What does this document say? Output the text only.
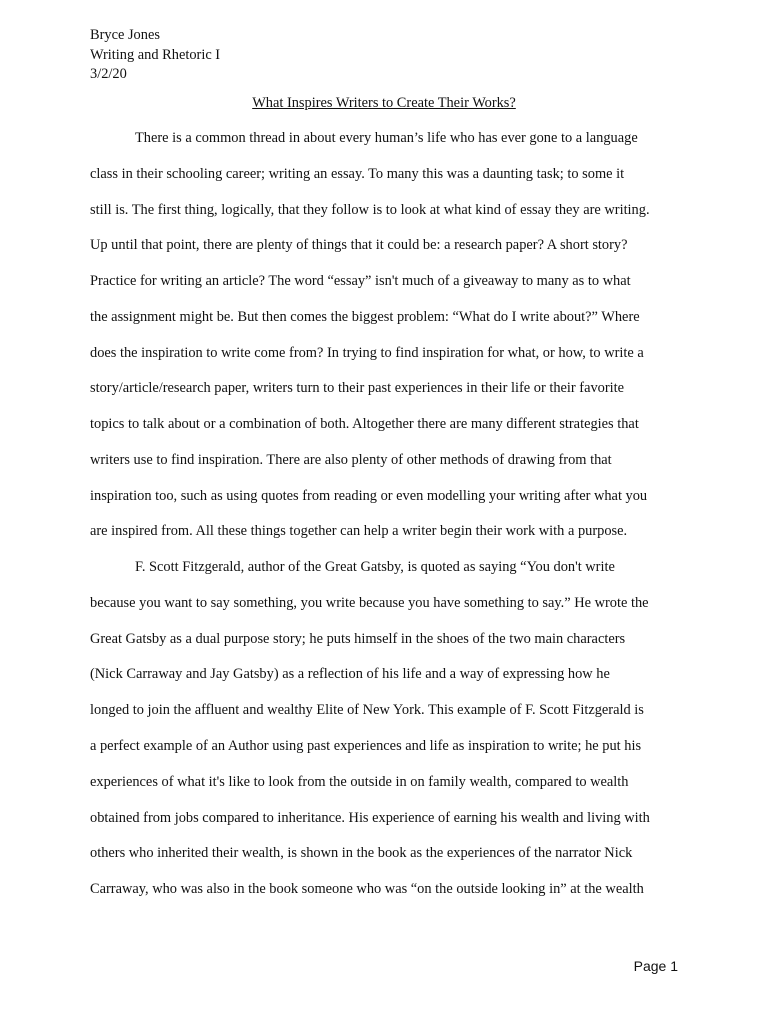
Bryce Jones
Writing and Rhetoric I
3/2/20
What Inspires Writers to Create Their Works?
There is a common thread in about every human’s life who has ever gone to a language
class in their schooling career; writing an essay. To many this was a daunting task; to some it
still is. The first thing, logically, that they follow is to look at what kind of essay they are writing.
Up until that point, there are plenty of things that it could be: a research paper? A short story?
Practice for writing an article? The word “essay” isn't much of a giveaway to many as to what
the assignment might be. But then comes the biggest problem: “What do I write about?” Where
does the inspiration to write come from? In trying to find inspiration for what, or how, to write a
story/article/research paper, writers turn to their past experiences in their life or their favorite
topics to talk about or a combination of both. Altogether there are many different strategies that
writers use to find inspiration. There are also plenty of other methods of drawing from that
inspiration too, such as using quotes from reading or even modelling your writing after what you
are inspired from. All these things together can help a writer begin their work with a purpose.
F. Scott Fitzgerald, author of the Great Gatsby, is quoted as saying “You don't write
because you want to say something, you write because you have something to say.” He wrote the
Great Gatsby as a dual purpose story; he puts himself in the shoes of the two main characters
(Nick Carraway and Jay Gatsby) as a reflection of his life and a way of expressing how he
longed to join the affluent and wealthy Elite of New York. This example of F. Scott Fitzgerald is
a perfect example of an Author using past experiences and life as inspiration to write; he put his
experiences of what it's like to look from the outside in on family wealth, compared to wealth
obtained from jobs compared to inheritance. His experience of earning his wealth and living with
others who inherited their wealth, is shown in the book as the experiences of the narrator Nick
Carraway, who was also in the book someone who was “on the outside looking in” at the wealth
Page 1
